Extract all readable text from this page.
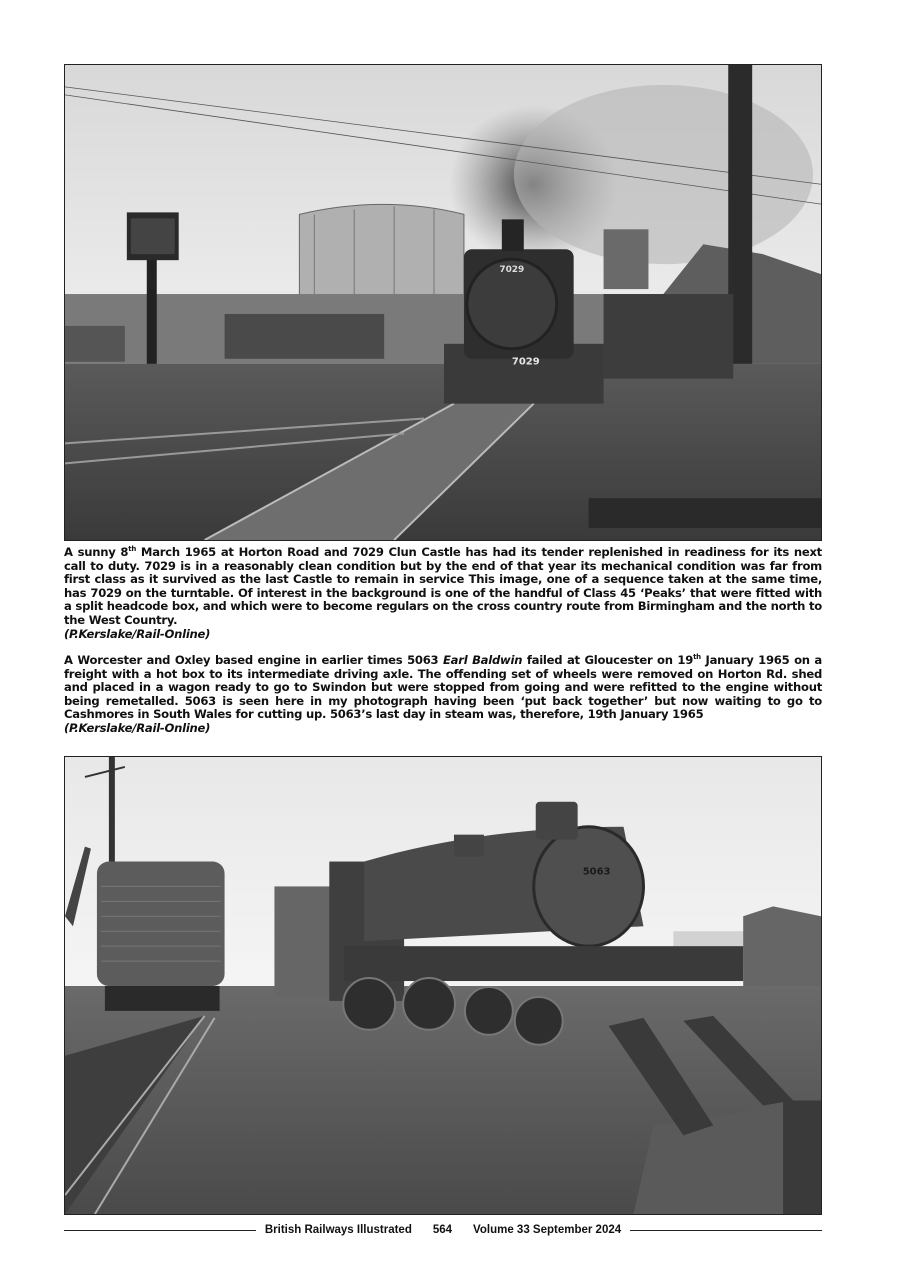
7029
7029
A sunny 8th March 1965 at Horton Road and 7029 Clun Castle has had its tender replenished in readiness for its next call to duty. 7029 is in a reasonably clean condition but by the end of that year its mechanical condition was far from first class as it survived as the last Castle to remain in service This image, one of a sequence taken at the same time, has 7029 on the turntable. Of interest in the background is one of the handful of Class 45 ‘Peaks’ that were fitted with a split headcode box, and which were to become regulars on the cross country route from Birmingham and the north to the West Country.
(P.Kerslake/Rail-Online)
A Worcester and Oxley based engine in earlier times 5063 Earl Baldwin failed at Gloucester on 19th January 1965 on a freight with a hot box to its intermediate driving axle. The offending set of wheels were removed on Horton Rd. shed and placed in a wagon ready to go to Swindon but were stopped from going and were refitted to the engine without being remetalled. 5063 is seen here in my photograph having been ‘put back together’ but now waiting to go to Cashmores in South Wales for cutting up. 5063’s last day in steam was, therefore, 19th January 1965
(P.Kerslake/Rail-Online)
5063
British Railways Illustrated	564	Volume 33 September 2024
